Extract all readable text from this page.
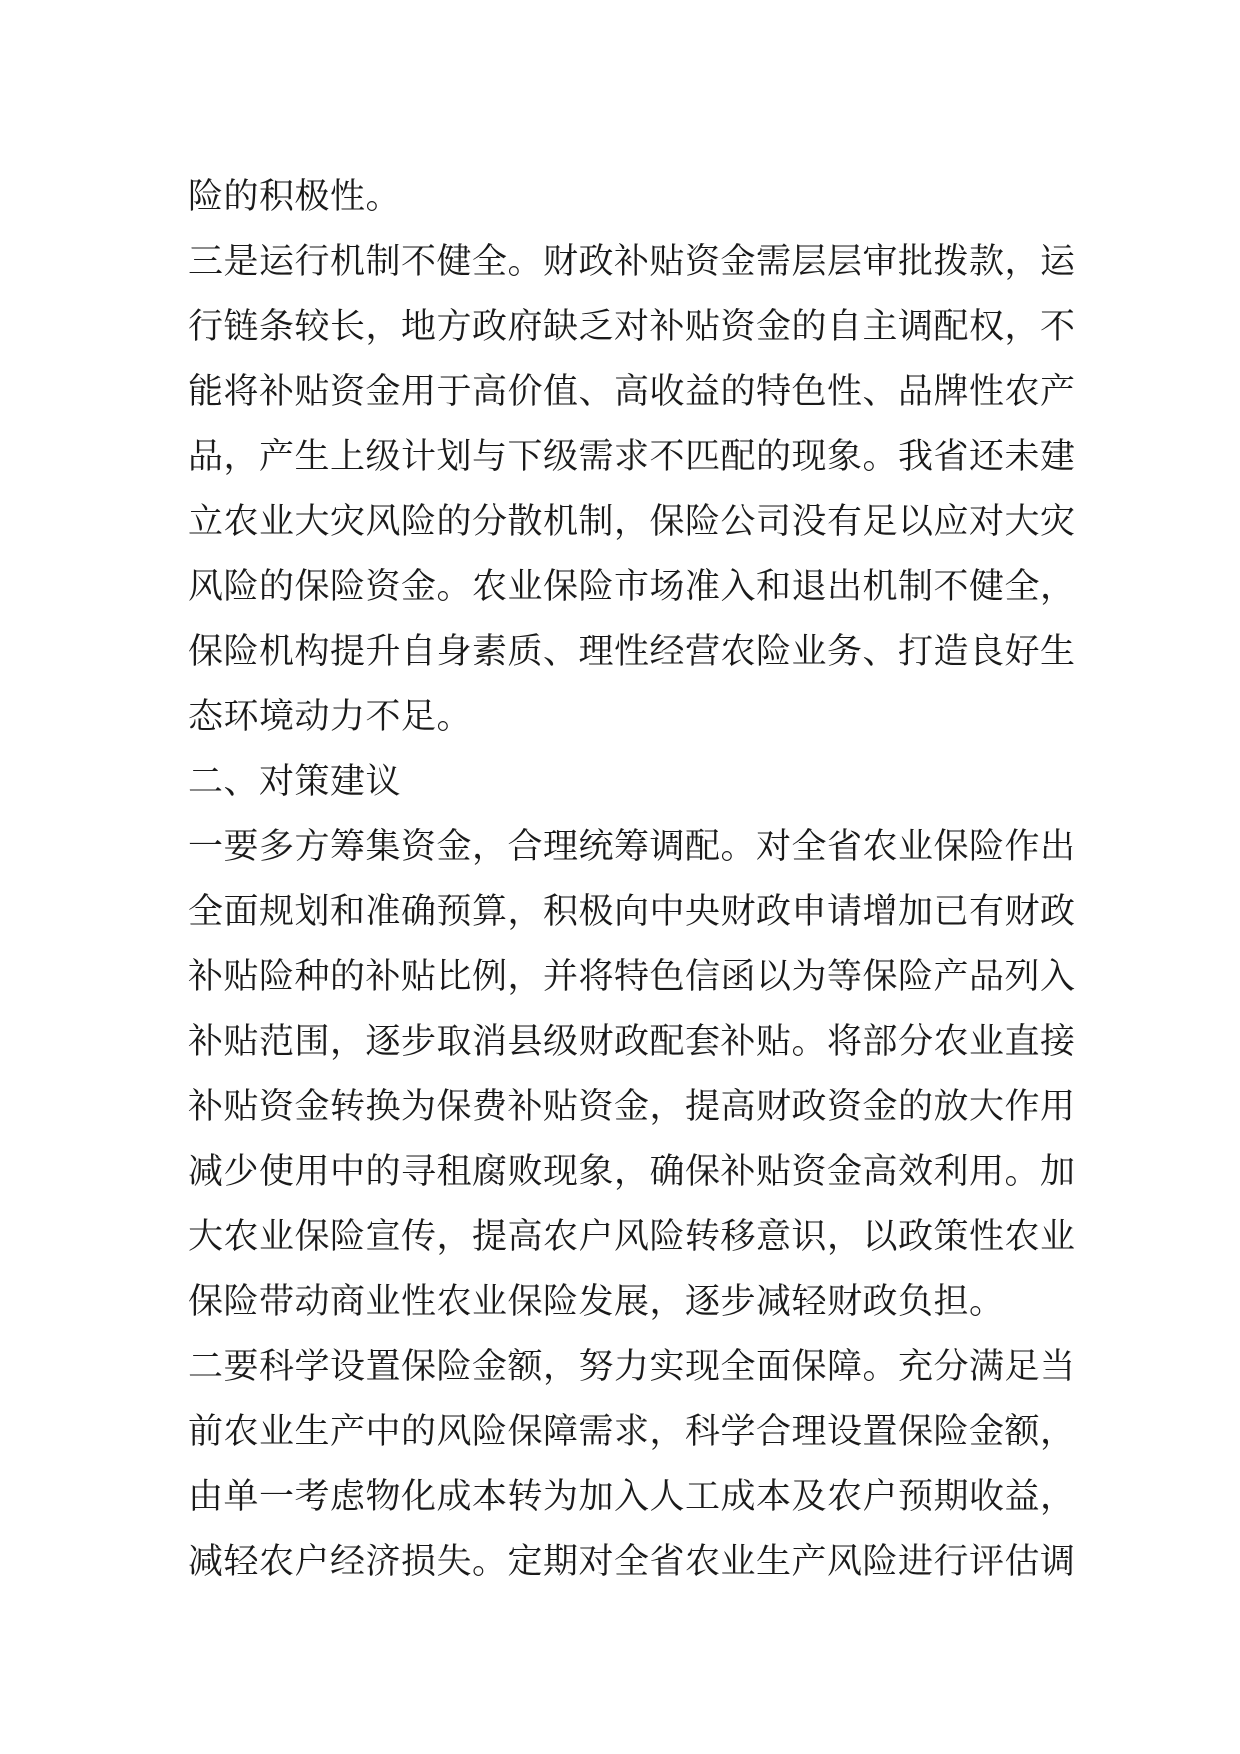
险的积极性。
三是运行机制不健全。财政补贴资金需层层审批拨款，运
行链条较长，地方政府缺乏对补贴资金的自主调配权，不
能将补贴资金用于高价值、高收益的特色性、品牌性农产
品，产生上级计划与下级需求不匹配的现象。我省还未建
立农业大灾风险的分散机制，保险公司没有足以应对大灾
风险的保险资金。农业保险市场准入和退出机制不健全，
保险机构提升自身素质、理性经营农险业务、打造良好生
态环境动力不足。
二、对策建议
一要多方筹集资金，合理统筹调配。对全省农业保险作出
全面规划和准确预算，积极向中央财政申请增加已有财政
补贴险种的补贴比例，并将特色信函以为等保险产品列入
补贴范围，逐步取消县级财政配套补贴。将部分农业直接
补贴资金转换为保费补贴资金，提高财政资金的放大作用
减少使用中的寻租腐败现象，确保补贴资金高效利用。加
大农业保险宣传，提高农户风险转移意识，以政策性农业
保险带动商业性农业保险发展，逐步减轻财政负担。
二要科学设置保险金额，努力实现全面保障。充分满足当
前农业生产中的风险保障需求，科学合理设置保险金额，
由单一考虑物化成本转为加入人工成本及农户预期收益，
减轻农户经济损失。定期对全省农业生产风险进行评估调
